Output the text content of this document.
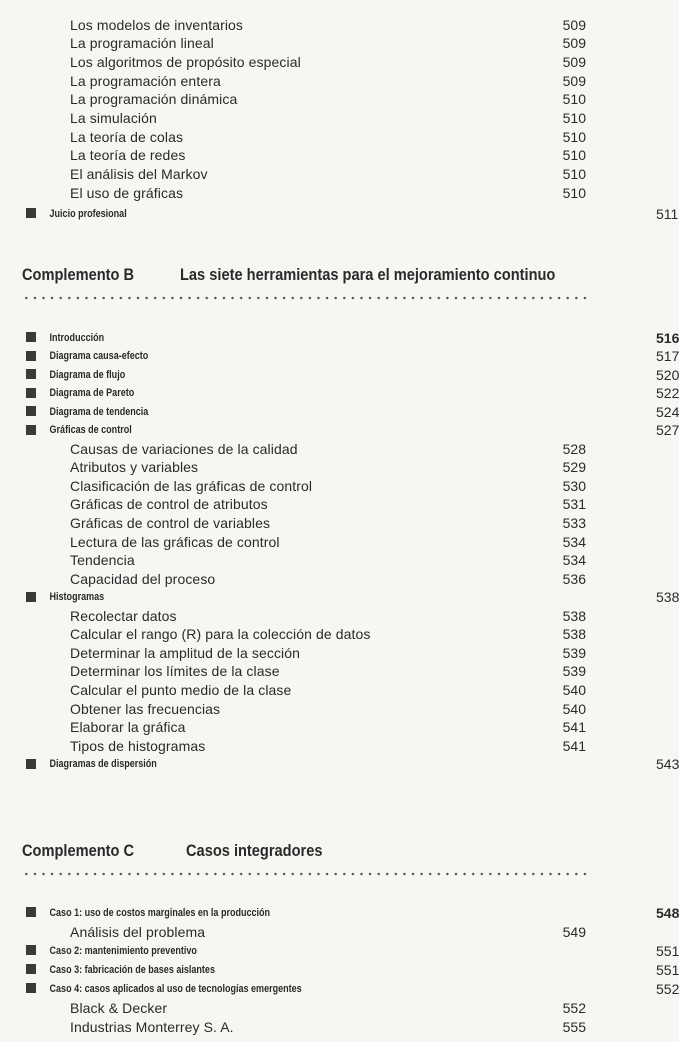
Los modelos de inventarios	509
La programación lineal	509
Los algoritmos de propósito especial	509
La programación entera	509
La programación dinámica	510
La simulación	510
La teoría de colas	510
La teoría de redes	510
El análisis del Markov	510
El uso de gráficas	510
Juicio profesional	511
Complemento B	Las siete herramientas para el mejoramiento continuo
Introducción	516
Diagrama causa-efecto	517
Diagrama de flujo	520
Diagrama de Pareto	522
Diagrama de tendencia	524
Gráficas de control	527
Causas de variaciones de la calidad	528
Atributos y variables	529
Clasificación de las gráficas de control	530
Gráficas de control de atributos	531
Gráficas de control de variables	533
Lectura de las gráficas de control	534
Tendencia	534
Capacidad del proceso	536
Histogramas	538
Recolectar datos	538
Calcular el rango (R) para la colección de datos	538
Determinar la amplitud de la sección	539
Determinar los límites de la clase	539
Calcular el punto medio de la clase	540
Obtener las frecuencias	540
Elaborar la gráfica	541
Tipos de histogramas	541
Diagramas de dispersión	543
Complemento C	Casos integradores
Caso 1: uso de costos marginales en la producción	548
Análisis del problema	549
Caso 2: mantenimiento preventivo	551
Caso 3: fabricación de bases aislantes	551
Caso 4: casos aplicados al uso de tecnologías emergentes	552
Black & Decker	552
Industrias Monterrey S. A.	555
